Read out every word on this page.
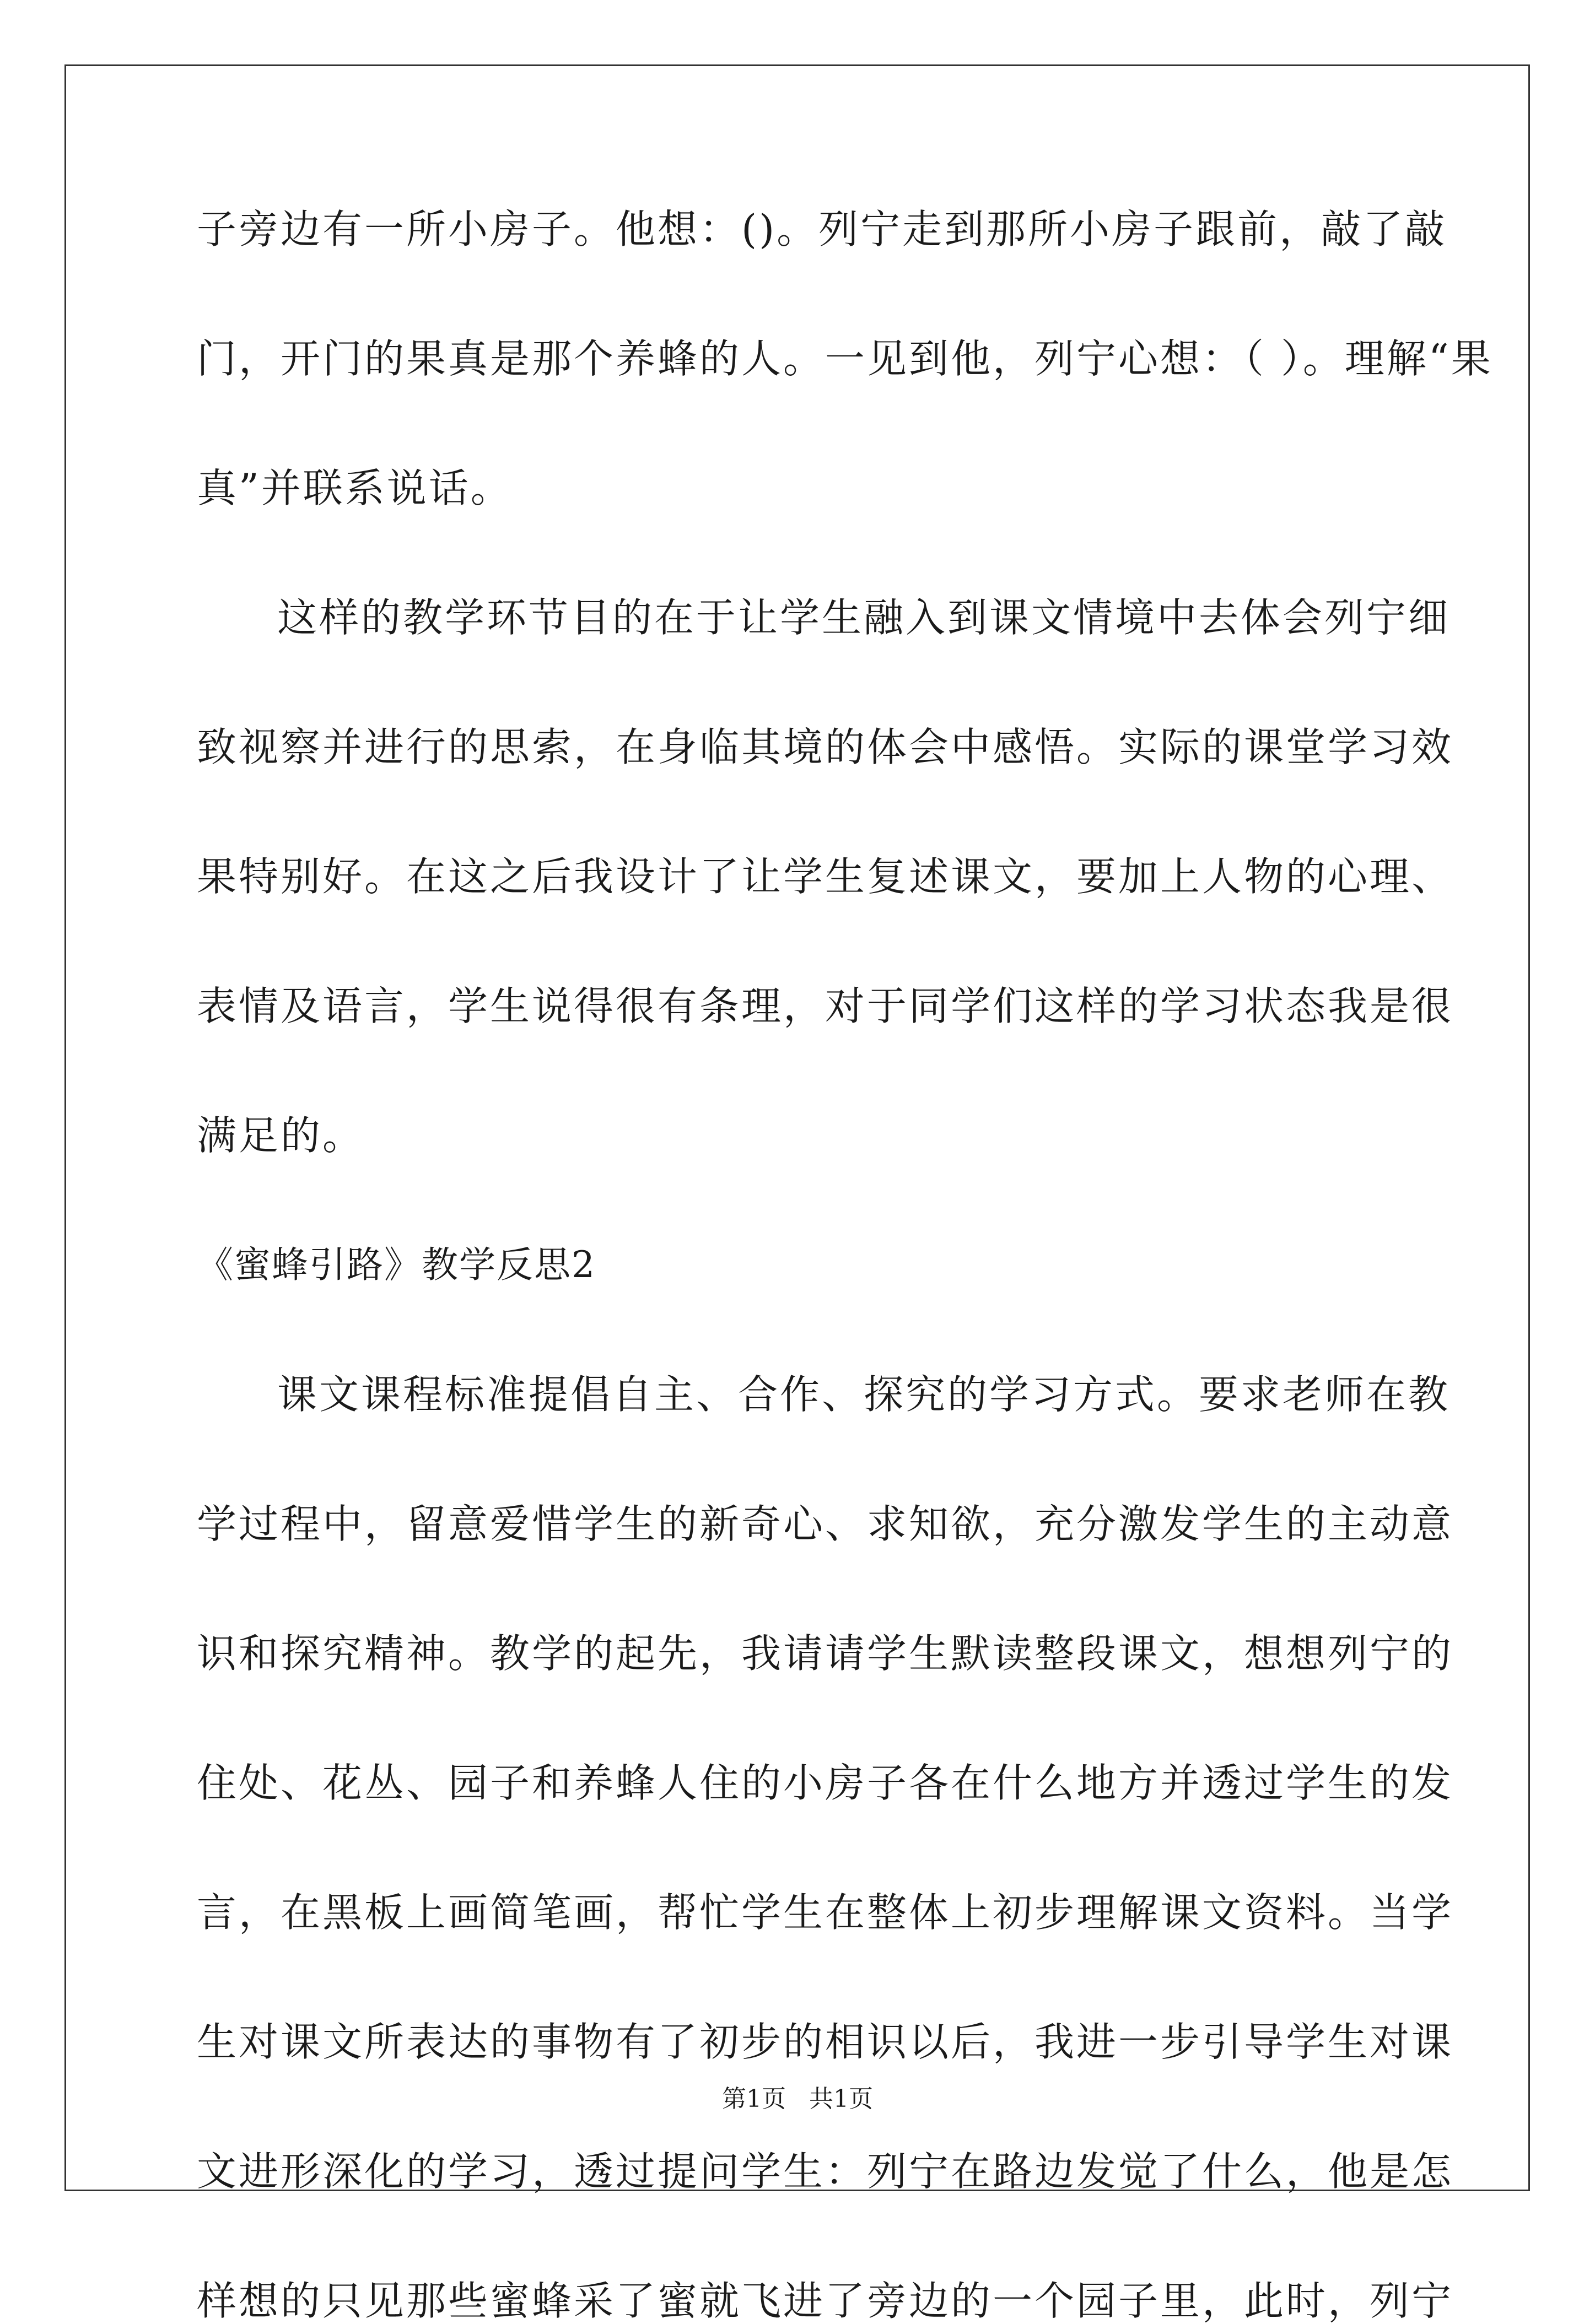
子旁边有一所小房子。他想：()。列宁走到那所小房子跟前，敲了敲

门，开门的果真是那个养蜂的人。一见到他，列宁心想：（ ）。理解“果

真”并联系说话。

这样的教学环节目的在于让学生融入到课文情境中去体会列宁细

致视察并进行的思索，在身临其境的体会中感悟。实际的课堂学习效

果特别好。在这之后我设计了让学生复述课文，要加上人物的心理、

表情及语言，学生说得很有条理，对于同学们这样的学习状态我是很

满足的。

《蜜蜂引路》教学反思2

课文课程标准提倡自主、合作、探究的学习方式。要求老师在教

学过程中，留意爱惜学生的新奇心、求知欲，充分激发学生的主动意

识和探究精神。教学的起先，我请请学生默读整段课文，想想列宁的

住处、花丛、园子和养蜂人住的小房子各在什么地方并透过学生的发

言，在黑板上画简笔画，帮忙学生在整体上初步理解课文资料。当学

生对课文所表达的事物有了初步的相识以后，我进一步引导学生对课

文进形深化的学习，透过提问学生：列宁在路边发觉了什么，他是怎

样想的只见那些蜜蜂采了蜜就飞进了旁边的一个园子里，此时，列宁

第1页 共1页
